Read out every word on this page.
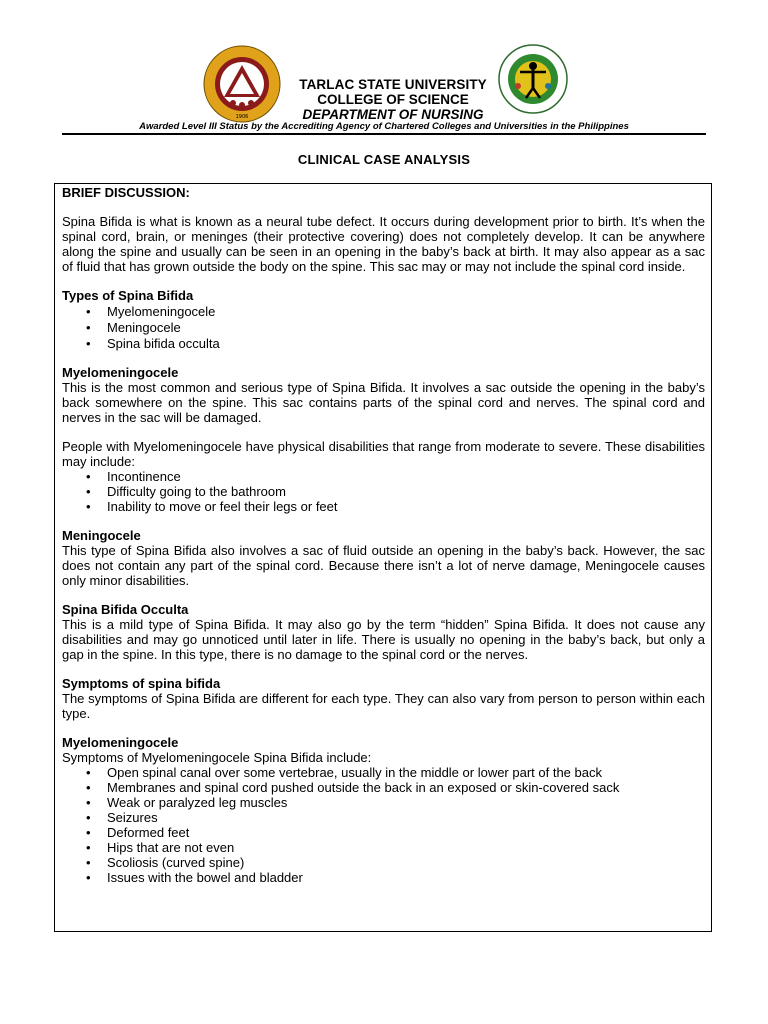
1906
TARLAC STATE UNIVERSITY
COLLEGE OF SCIENCE
DEPARTMENT OF NURSING
Awarded Level III Status by the Accrediting Agency of Chartered Colleges and Universities in the Philippines
CLINICAL CASE ANALYSIS
BRIEF DISCUSSION:

Spina Bifida is what is known as a neural tube defect. It occurs during development prior to birth. It’s when the spinal cord, brain, or meninges (their protective covering) does not completely develop. It can be anywhere along the spine and usually can be seen in an opening in the baby’s back at birth. It may also appear as a sac of fluid that has grown outside the body on the spine. This sac may or may not include the spinal cord inside.

Types of Spina Bifida
• Myelomeningocele
• Meningocele
• Spina bifida occulta
Myelomeningocele

This is the most common and serious type of Spina Bifida. It involves a sac outside the opening in the baby’s back somewhere on the spine. This sac contains parts of the spinal cord and nerves. The spinal cord and nerves in the sac will be damaged.

People with Myelomeningocele have physical disabilities that range from moderate to severe. These disabilities may include:

• Incontinence
• Difficulty going to the bathroom
• Inability to move or feel their legs or feet
Meningocele

This type of Spina Bifida also involves a sac of fluid outside an opening in the baby’s back. However, the sac does not contain any part of the spinal cord. Because there isn’t a lot of nerve damage, Meningocele causes only minor disabilities.

Spina Bifida Occulta

This is a mild type of Spina Bifida. It may also go by the term “hidden” Spina Bifida. It does not cause any disabilities and may go unnoticed until later in life. There is usually no opening in the baby’s back, but only a gap in the spine. In this type, there is no damage to the spinal cord or the nerves.

Symptoms of spina bifida

The symptoms of Spina Bifida are different for each type. They can also vary from person to person within each type.

Myelomeningocele

Symptoms of Myelomeningocele Spina Bifida include:

• Open spinal canal over some vertebrae, usually in the middle or lower part of the back
• Membranes and spinal cord pushed outside the back in an exposed or skin-covered sack
• Weak or paralyzed leg muscles
• Seizures
• Deformed feet
• Hips that are not even
• Scoliosis (curved spine)
• Issues with the bowel and bladder
